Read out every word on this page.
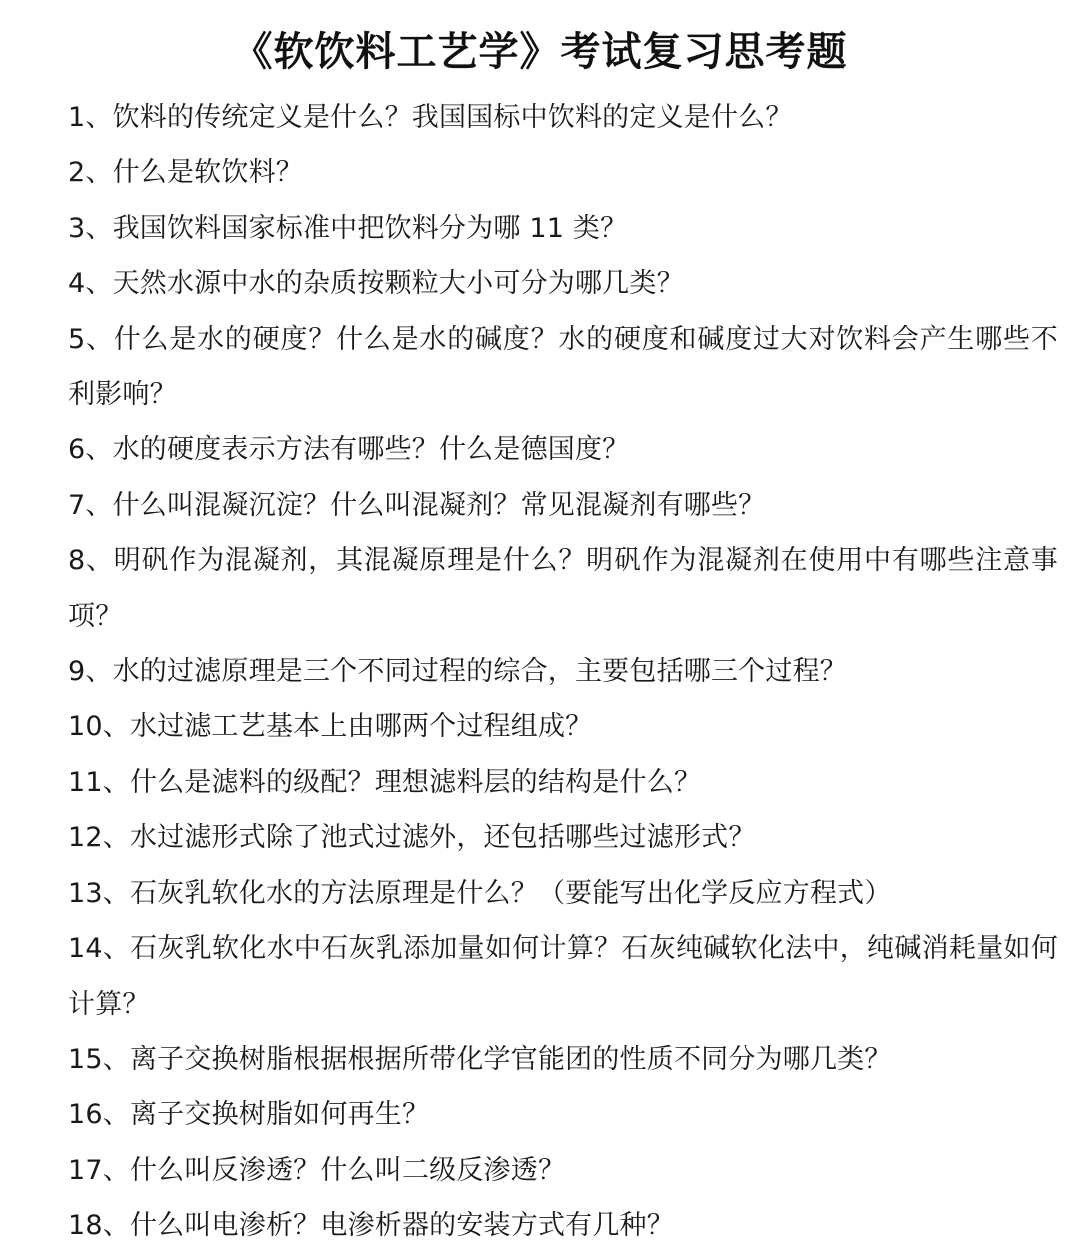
《软饮料工艺学》考试复习思考题
1、饮料的传统定义是什么？我国国标中饮料的定义是什么？
2、什么是软饮料？
3、我国饮料国家标准中把饮料分为哪 11 类？
4、天然水源中水的杂质按颗粒大小可分为哪几类？
5、什么是水的硬度？什么是水的碱度？水的硬度和碱度过大对饮料会产生哪些不利影响？
6、水的硬度表示方法有哪些？什么是德国度？
7、什么叫混凝沉淀？什么叫混凝剂？常见混凝剂有哪些？
8、明矾作为混凝剂，其混凝原理是什么？明矾作为混凝剂在使用中有哪些注意事项？
9、水的过滤原理是三个不同过程的综合，主要包括哪三个过程？
10、水过滤工艺基本上由哪两个过程组成？
11、什么是滤料的级配？理想滤料层的结构是什么？
12、水过滤形式除了池式过滤外，还包括哪些过滤形式？
13、石灰乳软化水的方法原理是什么？（要能写出化学反应方程式）
14、石灰乳软化水中石灰乳添加量如何计算？石灰纯碱软化法中，纯碱消耗量如何计算？
15、离子交换树脂根据根据所带化学官能团的性质不同分为哪几类？
16、离子交换树脂如何再生？
17、什么叫反渗透？什么叫二级反渗透？
18、什么叫电渗析？电渗析器的安装方式有几种？
